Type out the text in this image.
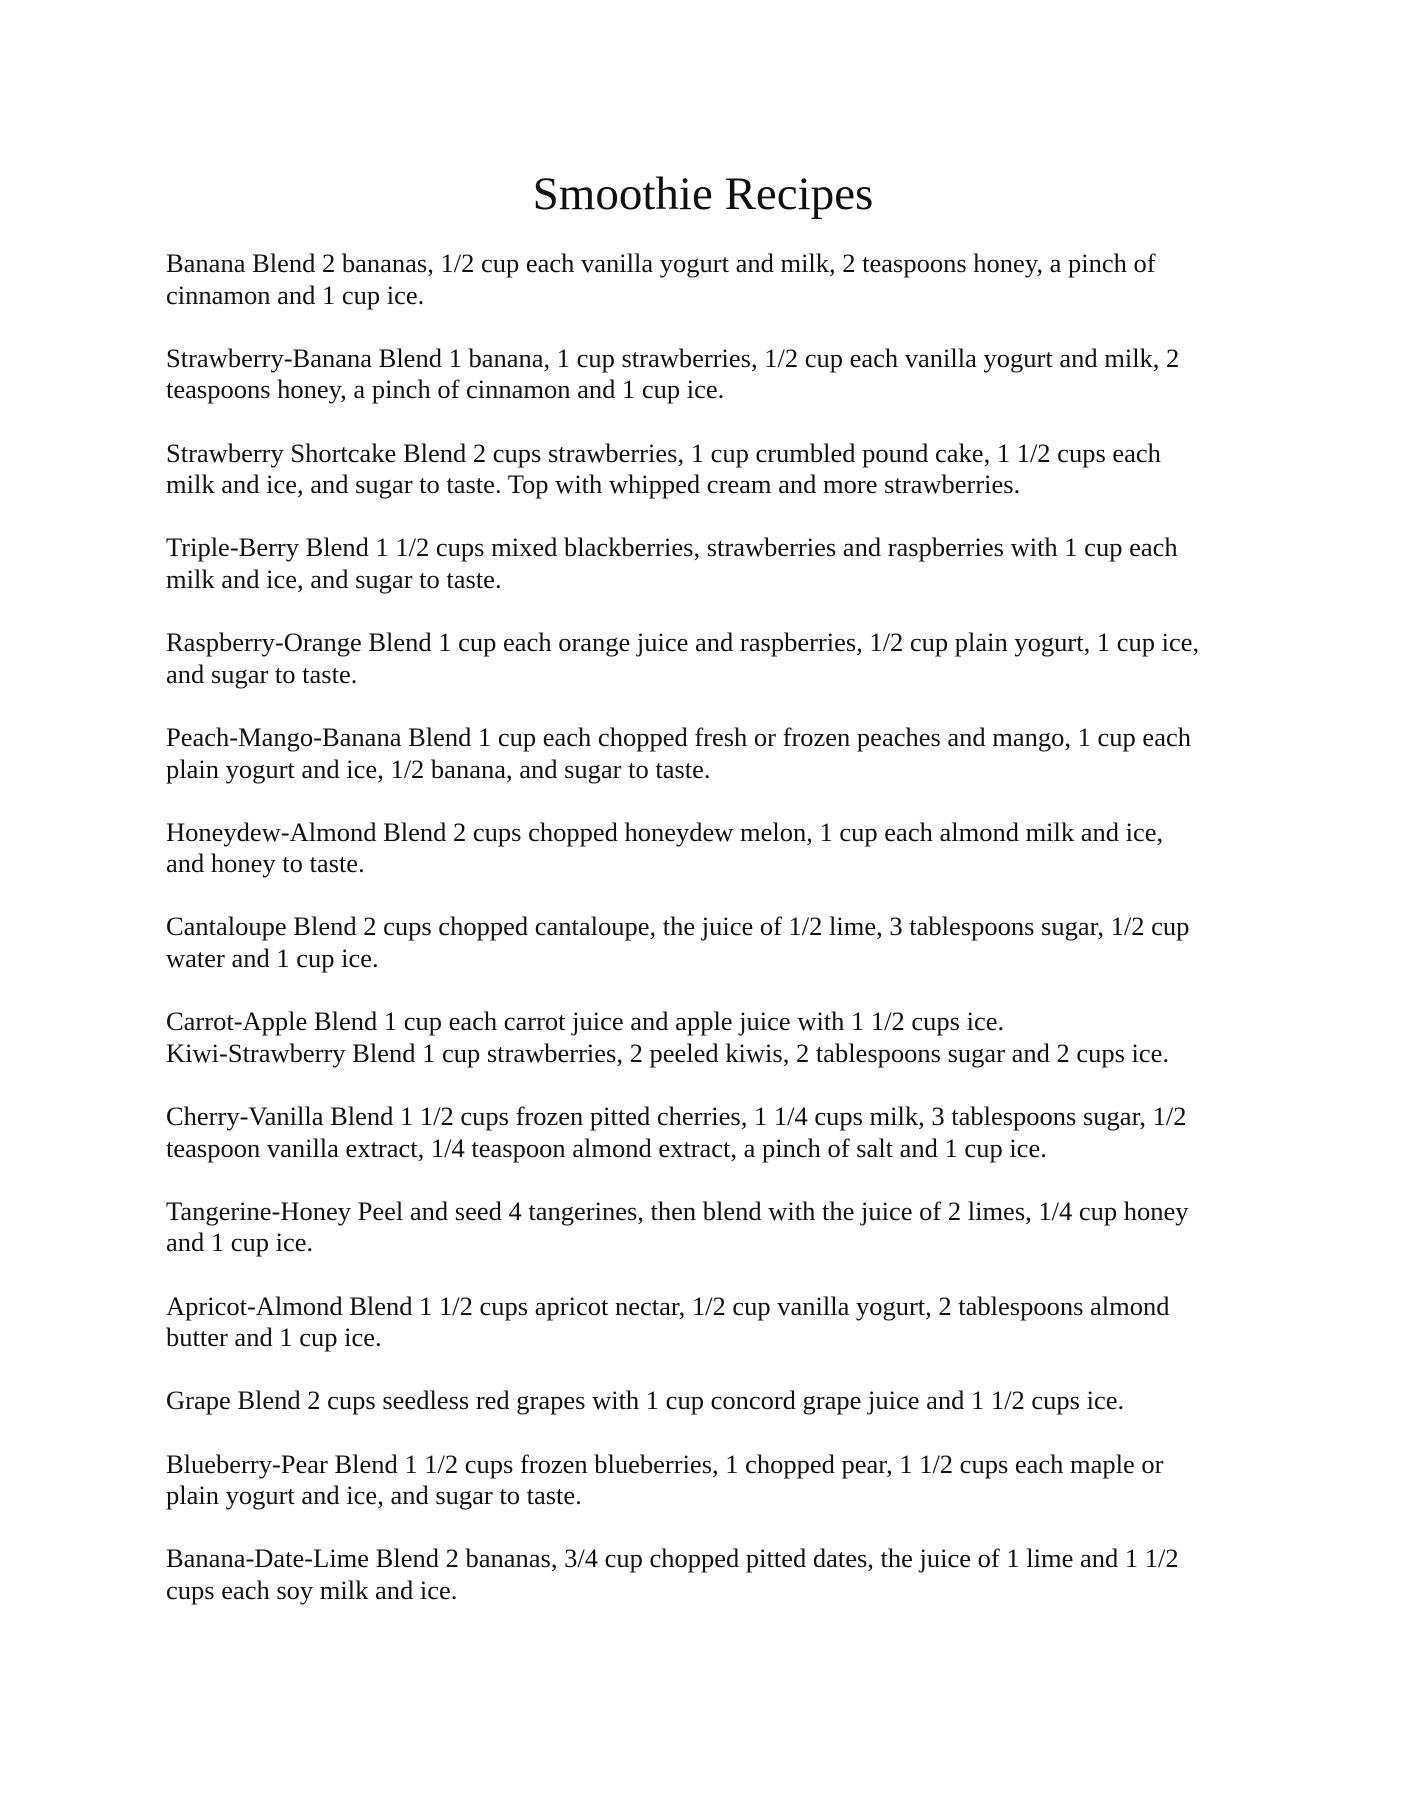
Smoothie Recipes

Banana Blend 2 bananas, 1/2 cup each vanilla yogurt and milk, 2 teaspoons honey, a pinch of
cinnamon and 1 cup ice.

Strawberry-Banana Blend 1 banana, 1 cup strawberries, 1/2 cup each vanilla yogurt and milk, 2
teaspoons honey, a pinch of cinnamon and 1 cup ice.

Strawberry Shortcake Blend 2 cups strawberries, 1 cup crumbled pound cake, 1 1/2 cups each
milk and ice, and sugar to taste. Top with whipped cream and more strawberries.

Triple-Berry Blend 1 1/2 cups mixed blackberries, strawberries and raspberries with 1 cup each
milk and ice, and sugar to taste.

Raspberry-Orange Blend 1 cup each orange juice and raspberries, 1/2 cup plain yogurt, 1 cup ice,
and sugar to taste.

Peach-Mango-Banana Blend 1 cup each chopped fresh or frozen peaches and mango, 1 cup each
plain yogurt and ice, 1/2 banana, and sugar to taste.

Honeydew-Almond Blend 2 cups chopped honeydew melon, 1 cup each almond milk and ice,
and honey to taste.

Cantaloupe Blend 2 cups chopped cantaloupe, the juice of 1/2 lime, 3 tablespoons sugar, 1/2 cup
water and 1 cup ice.

Carrot-Apple Blend 1 cup each carrot juice and apple juice with 1 1/2 cups ice.
Kiwi-Strawberry Blend 1 cup strawberries, 2 peeled kiwis, 2 tablespoons sugar and 2 cups ice.

Cherry-Vanilla Blend 1 1/2 cups frozen pitted cherries, 1 1/4 cups milk, 3 tablespoons sugar, 1/2
teaspoon vanilla extract, 1/4 teaspoon almond extract, a pinch of salt and 1 cup ice.

Tangerine-Honey Peel and seed 4 tangerines, then blend with the juice of 2 limes, 1/4 cup honey
and 1 cup ice.

Apricot-Almond Blend 1 1/2 cups apricot nectar, 1/2 cup vanilla yogurt, 2 tablespoons almond
butter and 1 cup ice.

Grape Blend 2 cups seedless red grapes with 1 cup concord grape juice and 1 1/2 cups ice.

Blueberry-Pear Blend 1 1/2 cups frozen blueberries, 1 chopped pear, 1 1/2 cups each maple or
plain yogurt and ice, and sugar to taste.

Banana-Date-Lime Blend 2 bananas, 3/4 cup chopped pitted dates, the juice of 1 lime and 1 1/2
cups each soy milk and ice.
